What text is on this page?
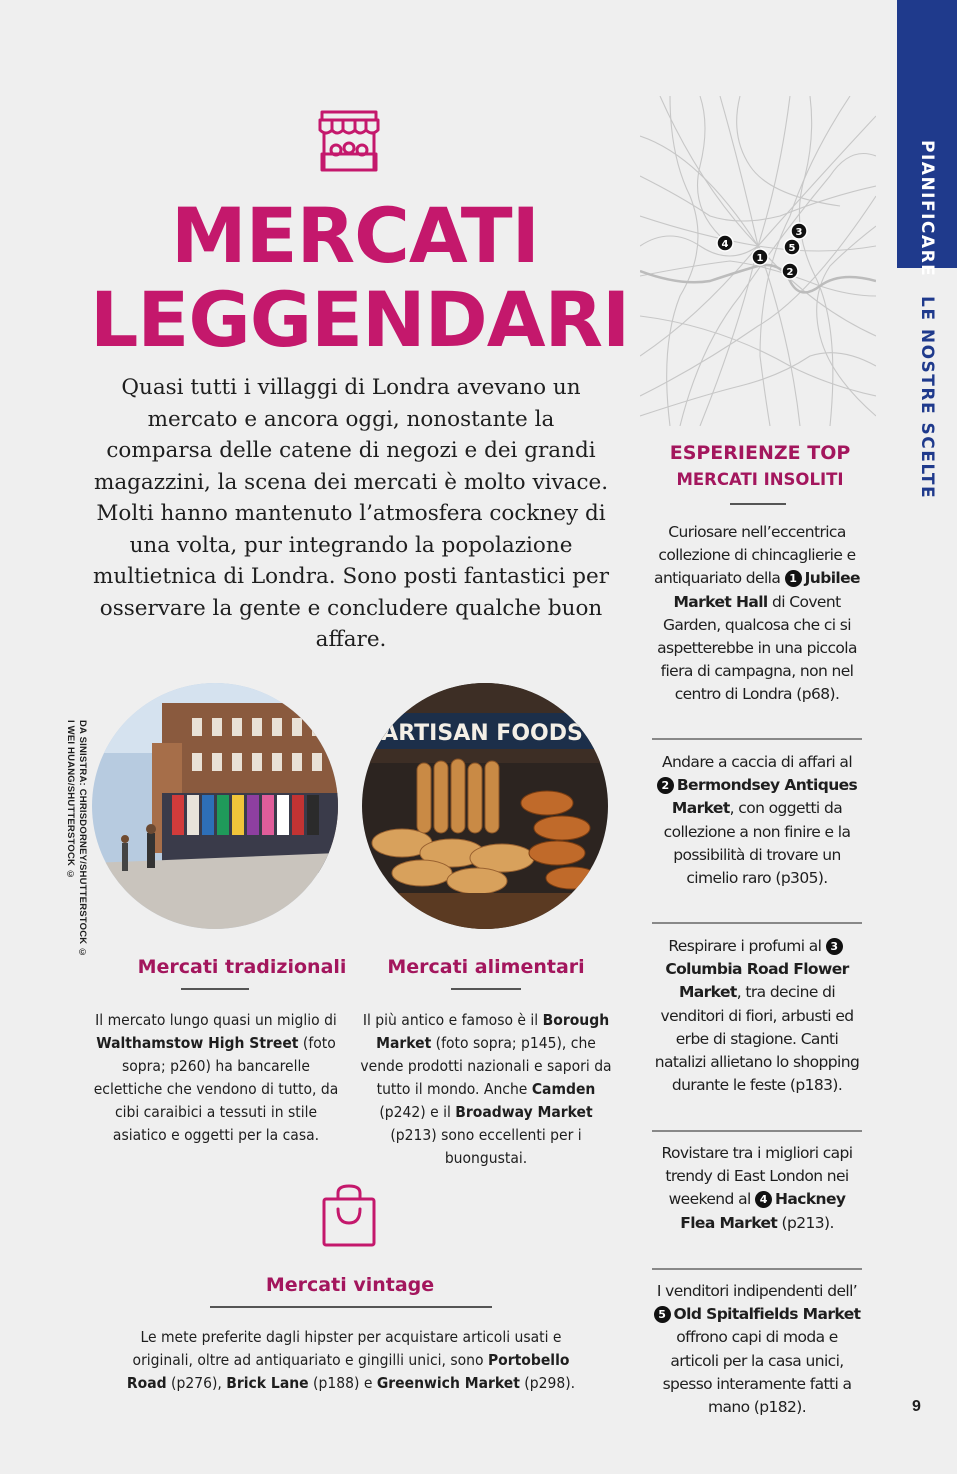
PIANIFICARE
LE NOSTRE SCELTE
MERCATI
LEGGENDARI

Quasi tutti i villaggi di Londra avevano un mercato e ancora oggi, nonostante la comparsa delle catene di negozi e dei grandi magazzini, la scena dei mercati è molto vivace. Molti hanno mantenuto l’atmosfera cockney di una volta, pur integrando la popolazione multietnica di Londra. Sono posti fantastici per osservare la gente e concludere qualche buon affare.

DA SINISTRA: CHRISDORNEY/SHUTTERSTOCK ©
I WEI HUANG/SHUTTERSTOCK ©	ARTISAN FOODS
Mercati tradizionali

Il mercato lungo quasi un miglio di Walthamstow High Street (foto sopra; p260) ha bancarelle eclettiche che vendono di tutto, da cibi caraibici a tessuti in stile asiatico e oggetti per la casa.

Mercati alimentari

Il più antico e famoso è il Borough Market (foto sopra; p145), che vende prodotti nazionali e sapori da tutto il mondo. Anche Camden (p242) e il Broadway Market (p213) sono eccellenti per i buongustai.

Mercati vintage

Le mete preferite dagli hipster per acquistare articoli usati e originali, oltre ad antiquariato e gingilli unici, sono Portobello Road (p276), Brick Lane (p188) e Greenwich Market (p298).

4
1
3
5
2
ESPERIENZE TOP
MERCATI INSOLITI
Curiosare nell’eccentrica collezione di chincaglierie e antiquariato della 1 Jubilee Market Hall di Covent Garden, qualcosa che ci si aspetterebbe in una piccola fiera di campagna, non nel centro di Londra (p68).
Andare a caccia di affari al 2 Bermondsey Antiques Market, con oggetti da collezione a non finire e la possibilità di trovare un cimelio raro (p305).
Respirare i profumi al 3Columbia Road Flower Market, tra decine di venditori di fiori, arbusti ed erbe di stagione. Canti natalizi allietano lo shopping durante le feste (p183).
Rovistare tra i migliori capi trendy di East London nei weekend al 4 Hackney Flea Market (p213).
I venditori indipendenti dell’5 Old Spitalfields Market offrono capi di moda e articoli per la casa unici, spesso interamente fatti a mano (p182).	9
